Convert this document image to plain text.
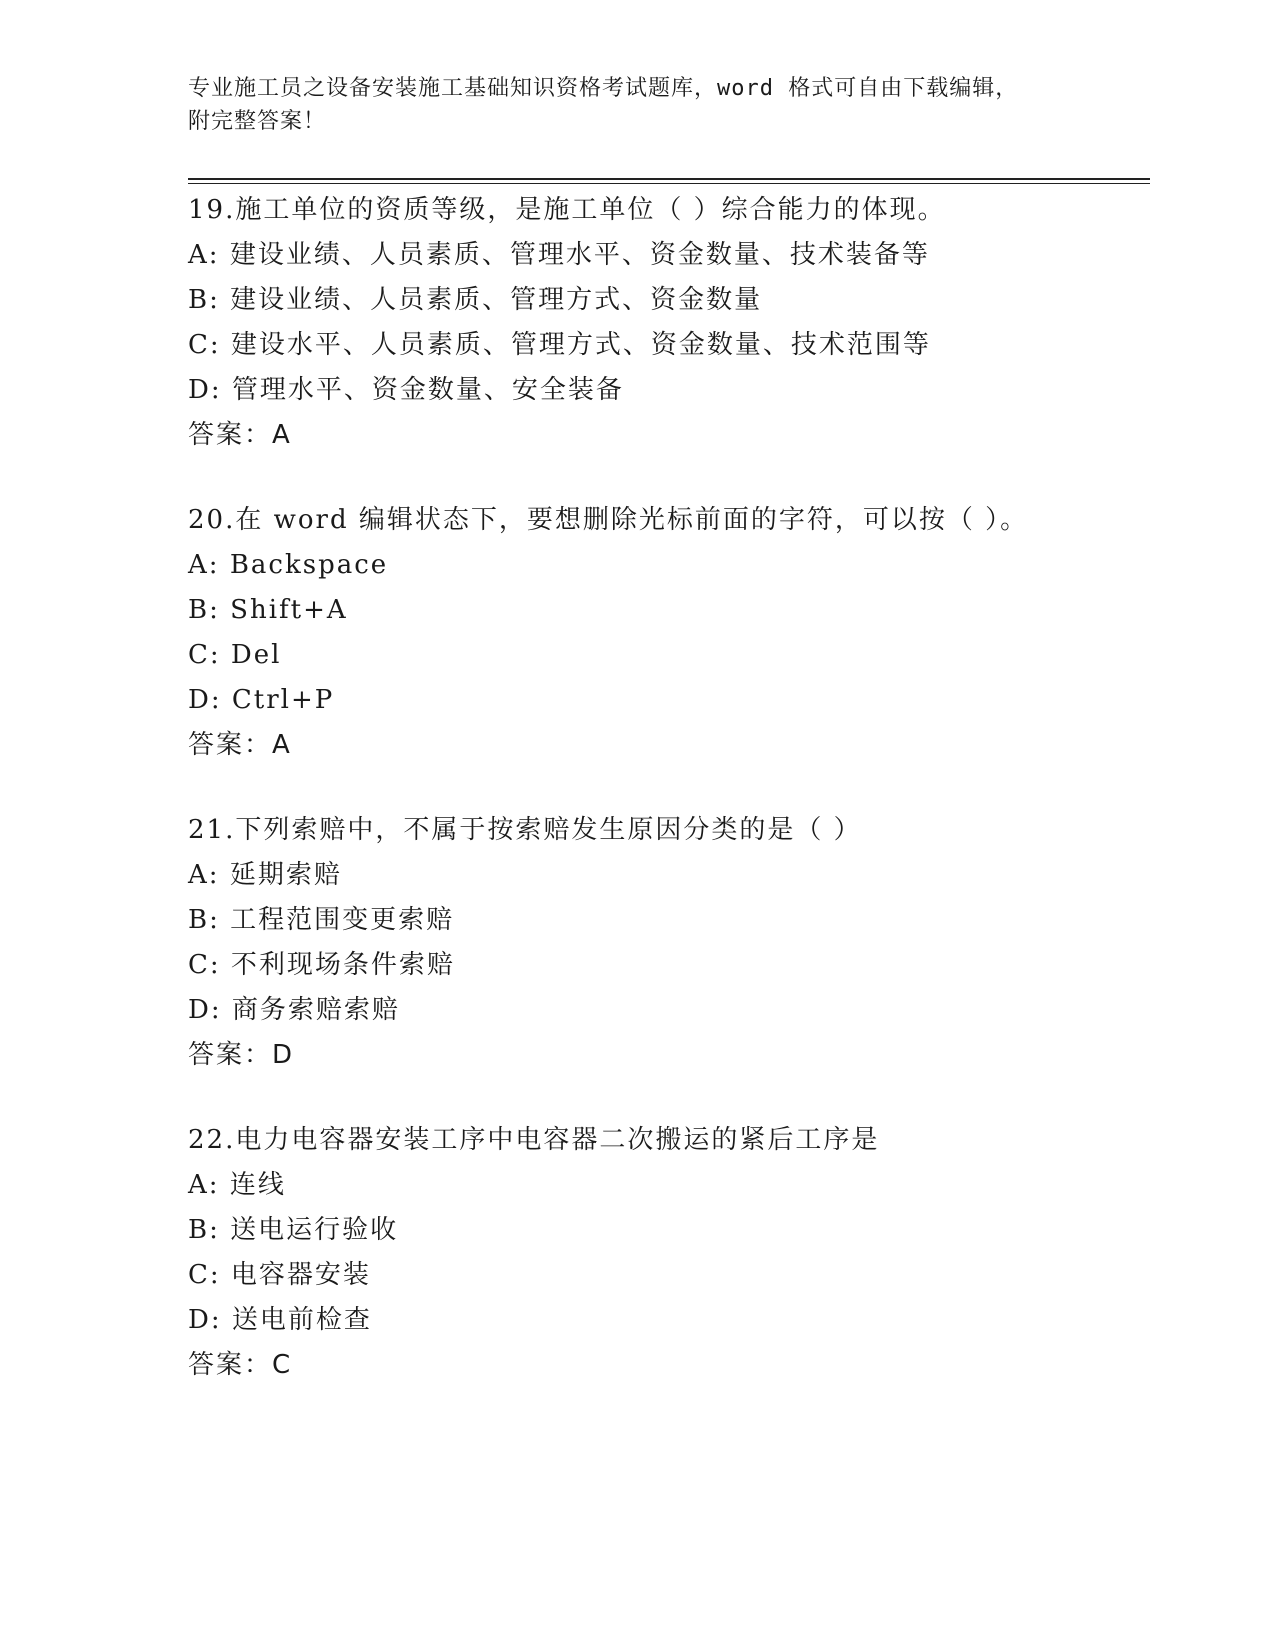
专业施工员之设备安装施工基础知识资格考试题库，word 格式可自由下载编辑，
附完整答案！
19.施工单位的资质等级，是施工单位（ ）综合能力的体现。
A: 建设业绩、人员素质、管理水平、资金数量、技术装备等
B: 建设业绩、人员素质、管理方式、资金数量
C: 建设水平、人员素质、管理方式、资金数量、技术范围等
D: 管理水平、资金数量、安全装备
答案：A
20.在 word 编辑状态下，要想删除光标前面的字符，可以按（ ）。
A: Backspace
B: Shift+A
C: Del
D: Ctrl+P
答案：A
21.下列索赔中，不属于按索赔发生原因分类的是（ ）
A: 延期索赔
B: 工程范围变更索赔
C: 不利现场条件索赔
D: 商务索赔索赔
答案：D
22.电力电容器安装工序中电容器二次搬运的紧后工序是
A: 连线
B: 送电运行验收
C: 电容器安装
D: 送电前检查
答案：C
